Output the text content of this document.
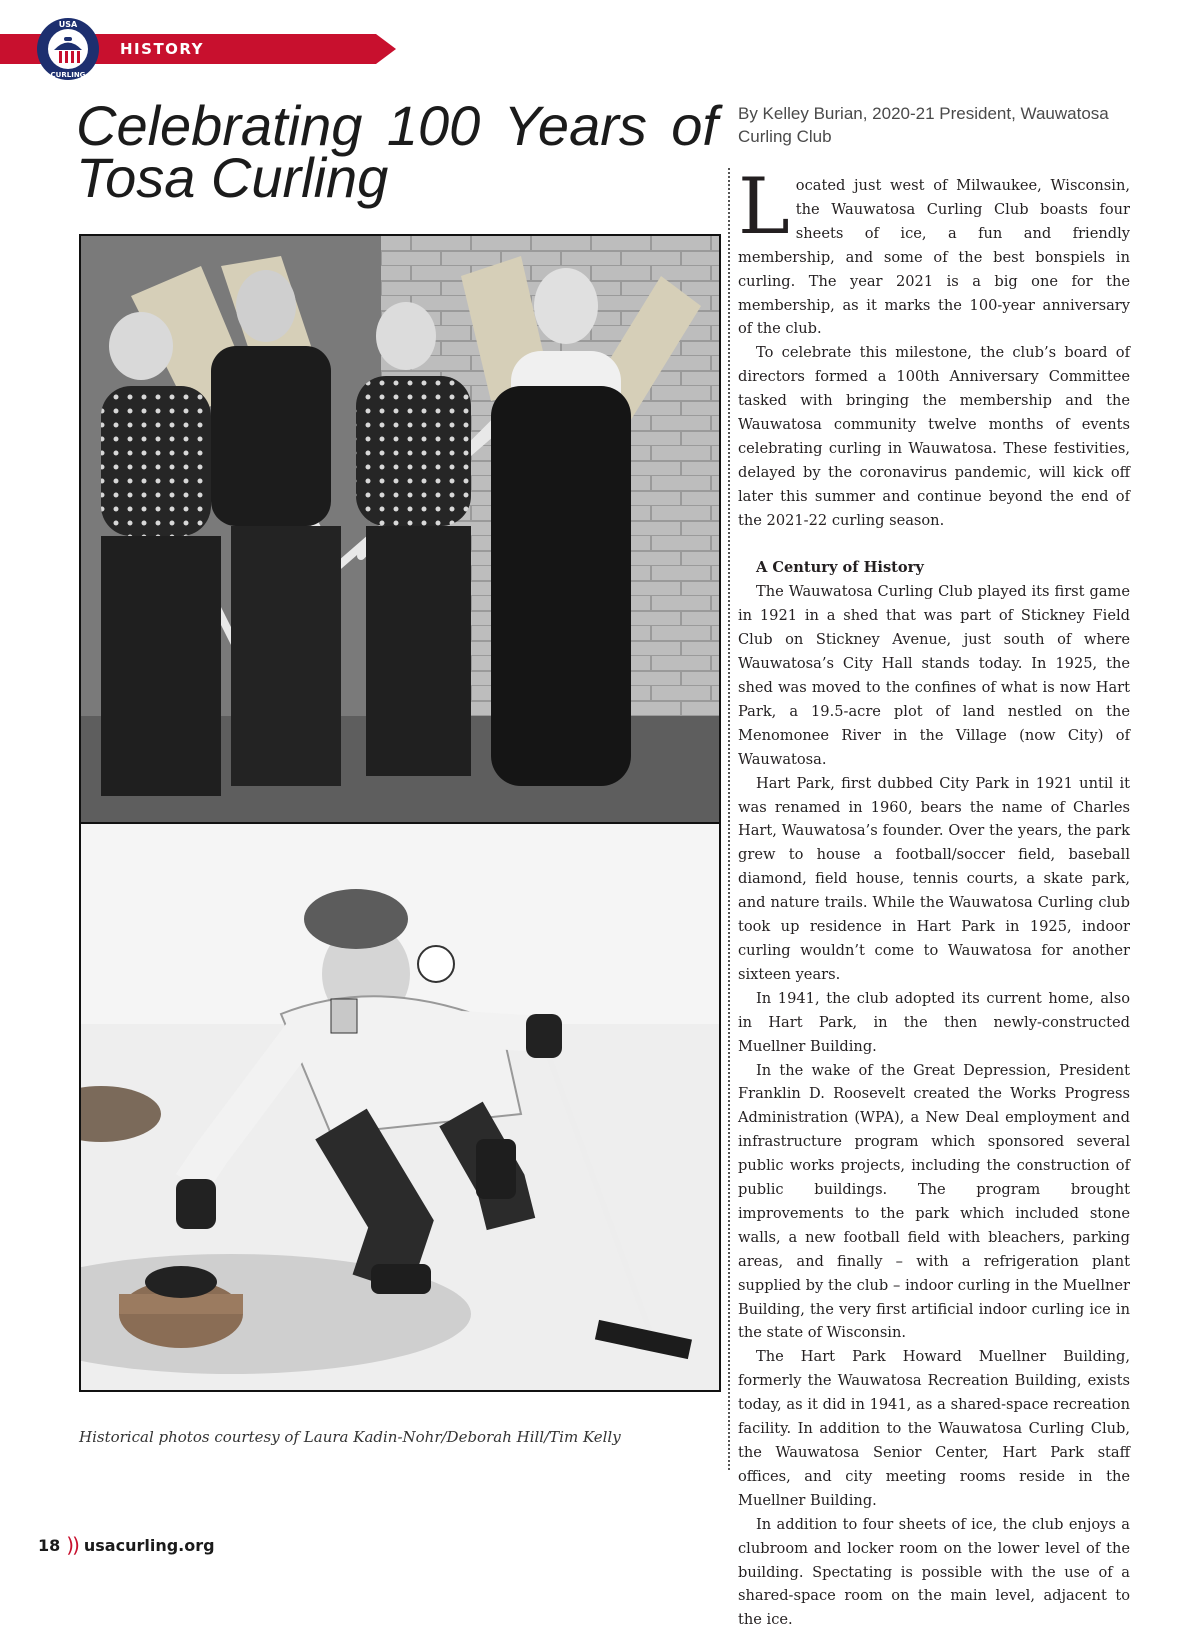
HISTORY
USA
CURLING
Celebrating 100 Years of Tosa Curling
By Kelley Burian, 2020-21 President, Wauwatosa Curling Club
Historical photos courtesy of Laura Kadin-Nohr/Deborah Hill/Tim Kelly

Located just west of Milwaukee, Wisconsin, the Wauwatosa Curling Club boasts four sheets of ice, a fun and friendly membership, and some of the best bonspiels in curling. The year 2021 is a big one for the membership, as it marks the 100-year anniversary of the club.

To celebrate this milestone, the club’s board of directors formed a 100th Anniversary Committee tasked with bringing the membership and the Wauwatosa community twelve months of events celebrating curling in Wauwatosa. These festivities, delayed by the coronavirus pandemic, will kick off later this summer and continue beyond the end of the 2021-22 curling season.

A Century of History

The Wauwatosa Curling Club played its first game in 1921 in a shed that was part of Stickney Field Club on Stickney Avenue, just south of where Wauwatosa’s City Hall stands today. In 1925, the shed was moved to the confines of what is now Hart Park, a 19.5-acre plot of land nestled on the Menomonee River in the Village (now City) of Wauwatosa.

Hart Park, first dubbed City Park in 1921 until it was renamed in 1960, bears the name of Charles Hart, Wauwatosa’s founder. Over the years, the park grew to house a football/soccer field, baseball diamond, field house, tennis courts, a skate park, and nature trails. While the Wauwatosa Curling club took up residence in Hart Park in 1925, indoor curling wouldn’t come to Wauwatosa for another sixteen years.

In 1941, the club adopted its current home, also in Hart Park, in the then newly-constructed Muellner Building.

In the wake of the Great Depression, President Franklin D. Roosevelt created the Works Progress Administration (WPA), a New Deal employment and infrastructure program which sponsored several public works projects, including the construction of public buildings. The program brought improvements to the park which included stone walls, a new football field with bleachers, parking areas, and finally – with a refrigeration plant supplied by the club – indoor curling in the Muellner Building, the very first artificial indoor curling ice in the state of Wisconsin.

The Hart Park Howard Muellner Building, formerly the Wauwatosa Recreation Building, exists today, as it did in 1941, as a shared-space recreation facility. In addition to the Wauwatosa Curling Club, the Wauwatosa Senior Center, Hart Park staff offices, and city meeting rooms reside in the Muellner Building.

In addition to four sheets of ice, the club enjoys a clubroom and locker room on the lower level of the building. Spectating is possible with the use of a shared-space room on the main level, adjacent to the ice.

18 )) usacurling.org
